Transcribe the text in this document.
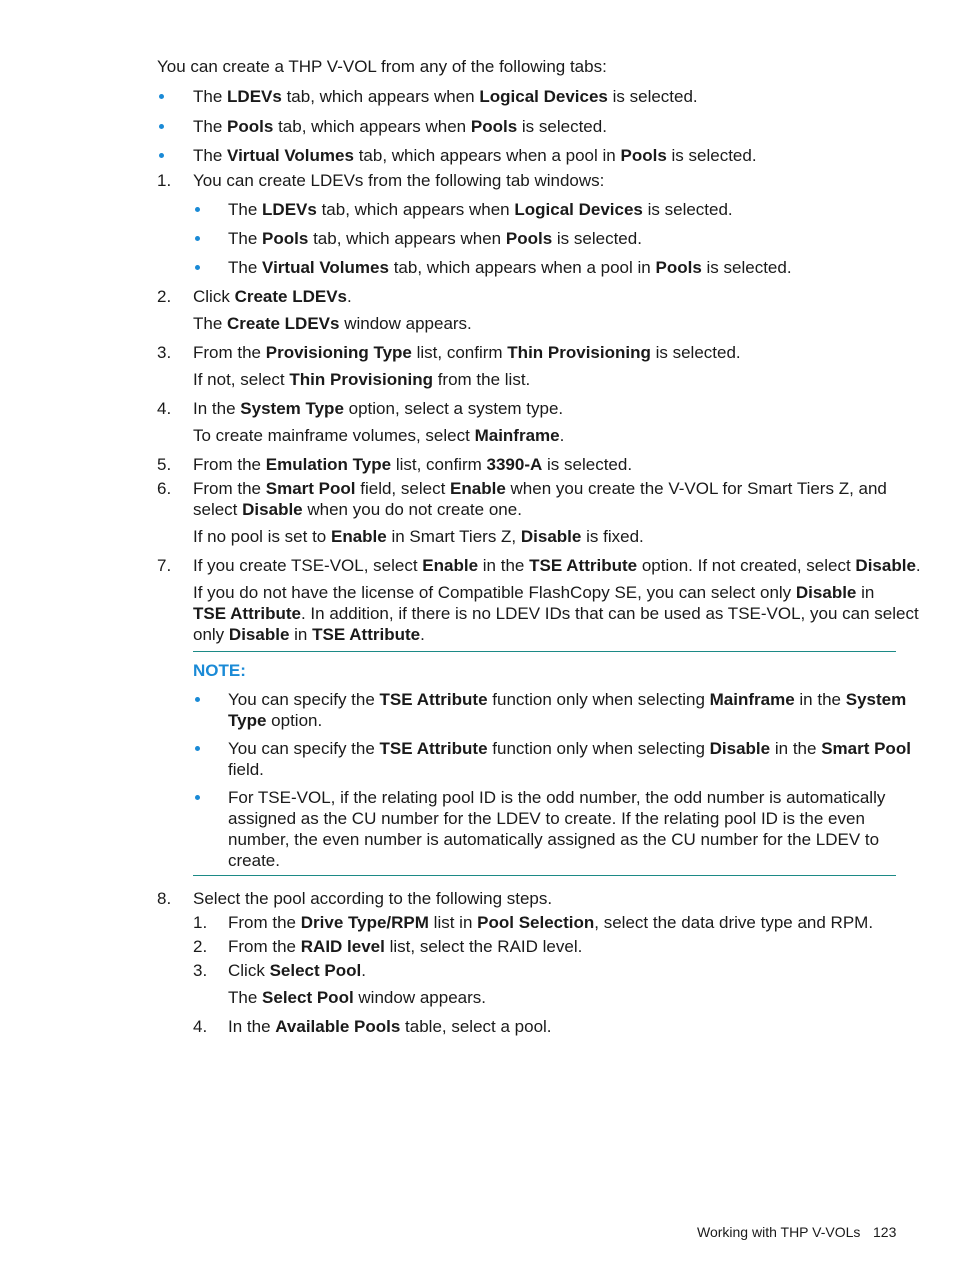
You can create a THP V-VOL from any of the following tabs:
The LDEVs tab, which appears when Logical Devices is selected.
The Pools tab, which appears when Pools is selected.
The Virtual Volumes tab, which appears when a pool in Pools is selected.
1. You can create LDEVs from the following tab windows:
The LDEVs tab, which appears when Logical Devices is selected.
The Pools tab, which appears when Pools is selected.
The Virtual Volumes tab, which appears when a pool in Pools is selected.
2. Click Create LDEVs.
The Create LDEVs window appears.
3. From the Provisioning Type list, confirm Thin Provisioning is selected.
If not, select Thin Provisioning from the list.
4. In the System Type option, select a system type.
To create mainframe volumes, select Mainframe.
5. From the Emulation Type list, confirm 3390-A is selected.
6. From the Smart Pool field, select Enable when you create the V-VOL for Smart Tiers Z, and
select Disable when you do not create one.
If no pool is set to Enable in Smart Tiers Z, Disable is fixed.
7. If you create TSE-VOL, select Enable in the TSE Attribute option. If not created, select Disable.
If you do not have the license of Compatible FlashCopy SE, you can select only Disable in
TSE Attribute. In addition, if there is no LDEV IDs that can be used as TSE-VOL, you can select
only Disable in TSE Attribute.
NOTE:
You can specify the TSE Attribute function only when selecting Mainframe in the System
Type option.
You can specify the TSE Attribute function only when selecting Disable in the Smart Pool
field.
For TSE-VOL, if the relating pool ID is the odd number, the odd number is automatically
assigned as the CU number for the LDEV to create. If the relating pool ID is the even
number, the even number is automatically assigned as the CU number for the LDEV to
create.
8. Select the pool according to the following steps.
1. From the Drive Type/RPM list in Pool Selection, select the data drive type and RPM.
2. From the RAID level list, select the RAID level.
3. Click Select Pool.
The Select Pool window appears.
4. In the Available Pools table, select a pool.
Working with THP V-VOLs 123
